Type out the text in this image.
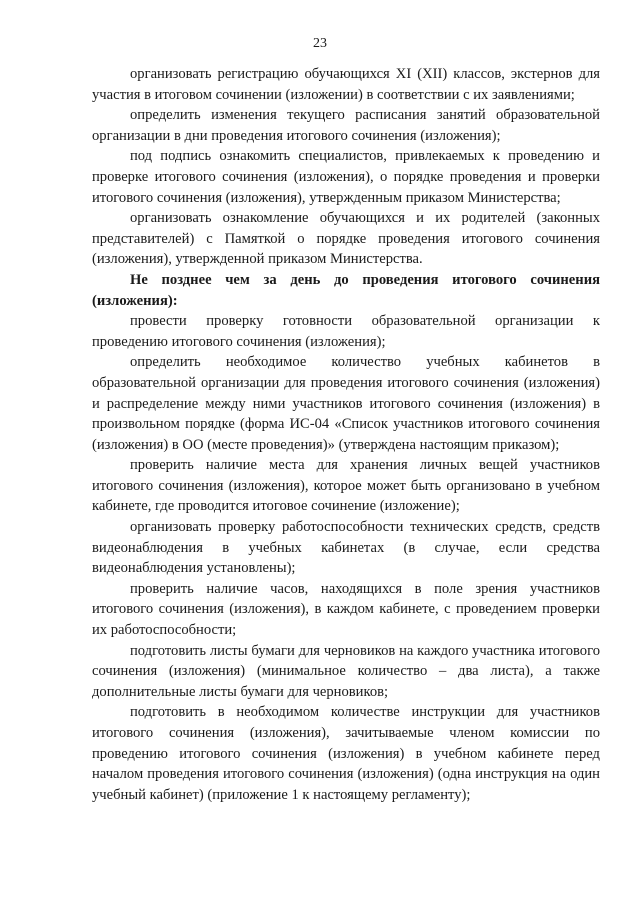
23

организовать регистрацию обучающихся XI (XII) классов, экстернов для участия в итоговом сочинении (изложении) в соответствии с их заявлениями;

определить изменения текущего расписания занятий образовательной организации в дни проведения итогового сочинения (изложения);

под подпись ознакомить специалистов, привлекаемых к проведению и проверке итогового сочинения (изложения), о порядке проведения и проверки итогового сочинения (изложения), утвержденным приказом Министерства;

организовать ознакомление обучающихся и их родителей (законных представителей) с Памяткой о порядке проведения итогового сочинения (изложения), утвержденной приказом Министерства.

Не позднее чем за день до проведения итогового сочинения (изложения):

провести проверку готовности образовательной организации к проведению итогового сочинения (изложения);

определить необходимое количество учебных кабинетов в образовательной организации для проведения итогового сочинения (изложения) и распределение между ними участников итогового сочинения (изложения) в произвольном порядке (форма ИС-04 «Список участников итогового сочинения (изложения) в ОО (месте проведения)» (утверждена настоящим приказом);

проверить наличие места для хранения личных вещей участников итогового сочинения (изложения), которое может быть организовано в учебном кабинете, где проводится итоговое сочинение (изложение);

организовать проверку работоспособности технических средств, средств видеонаблюдения в учебных кабинетах (в случае, если средства видеонаблюдения установлены);

проверить наличие часов, находящихся в поле зрения участников итогового сочинения (изложения), в каждом кабинете, с проведением проверки их работоспособности;

подготовить листы бумаги для черновиков на каждого участника итогового сочинения (изложения) (минимальное количество – два листа), а также дополнительные листы бумаги для черновиков;

подготовить в необходимом количестве инструкции для участников итогового сочинения (изложения), зачитываемые членом комиссии по проведению итогового сочинения (изложения) в учебном кабинете перед началом проведения итогового сочинения (изложения) (одна инструкция на один учебный кабинет) (приложение 1 к настоящему регламенту);
